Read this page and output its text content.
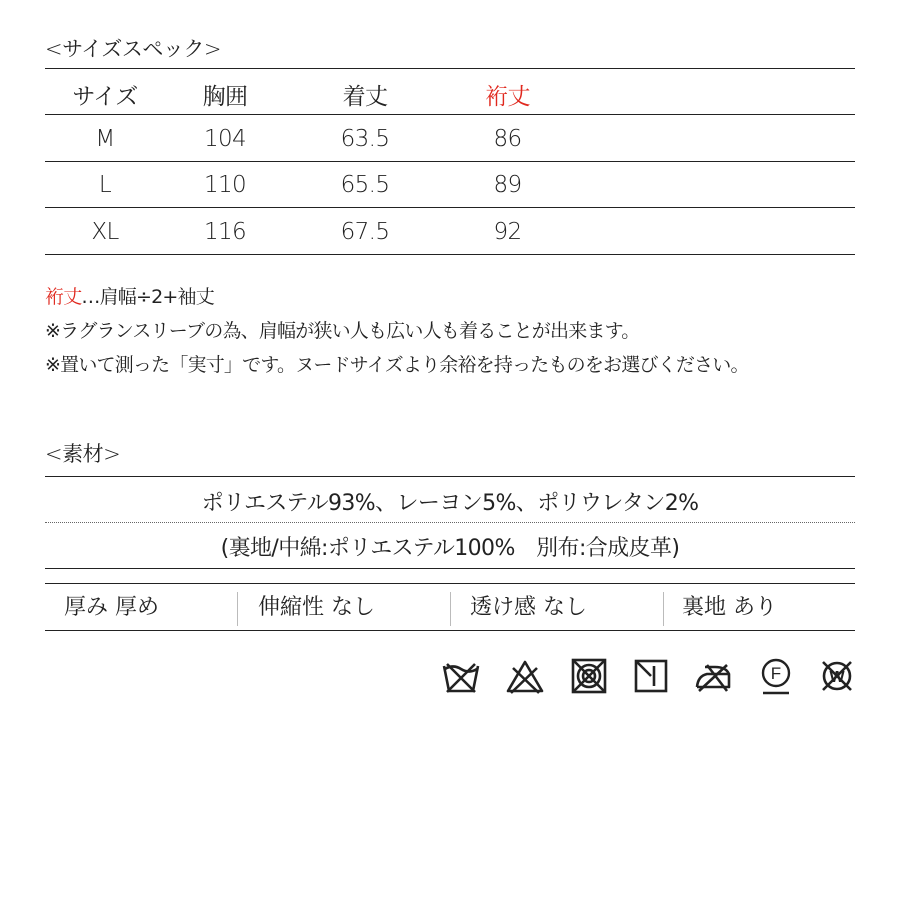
<サイズスペック>
サイズ	胸囲	着丈	裄丈
M	104	63.5	86
L	110	65.5	89
XL	116	67.5	92
裄丈…肩幅÷2+袖丈
※ラグランスリーブの為、肩幅が狭い人も広い人も着ることが出来ます。
※置いて測った「実寸」です。ヌードサイズより余裕を持ったものをお選びください。
<素材>
ポリエステル93%、レーヨン5%、ポリウレタン2%
(裏地/中綿:ポリエステル100%　別布:合成皮革)
厚み 厚め	伸縮性 なし	透け感 なし	裏地 あり
F	W
